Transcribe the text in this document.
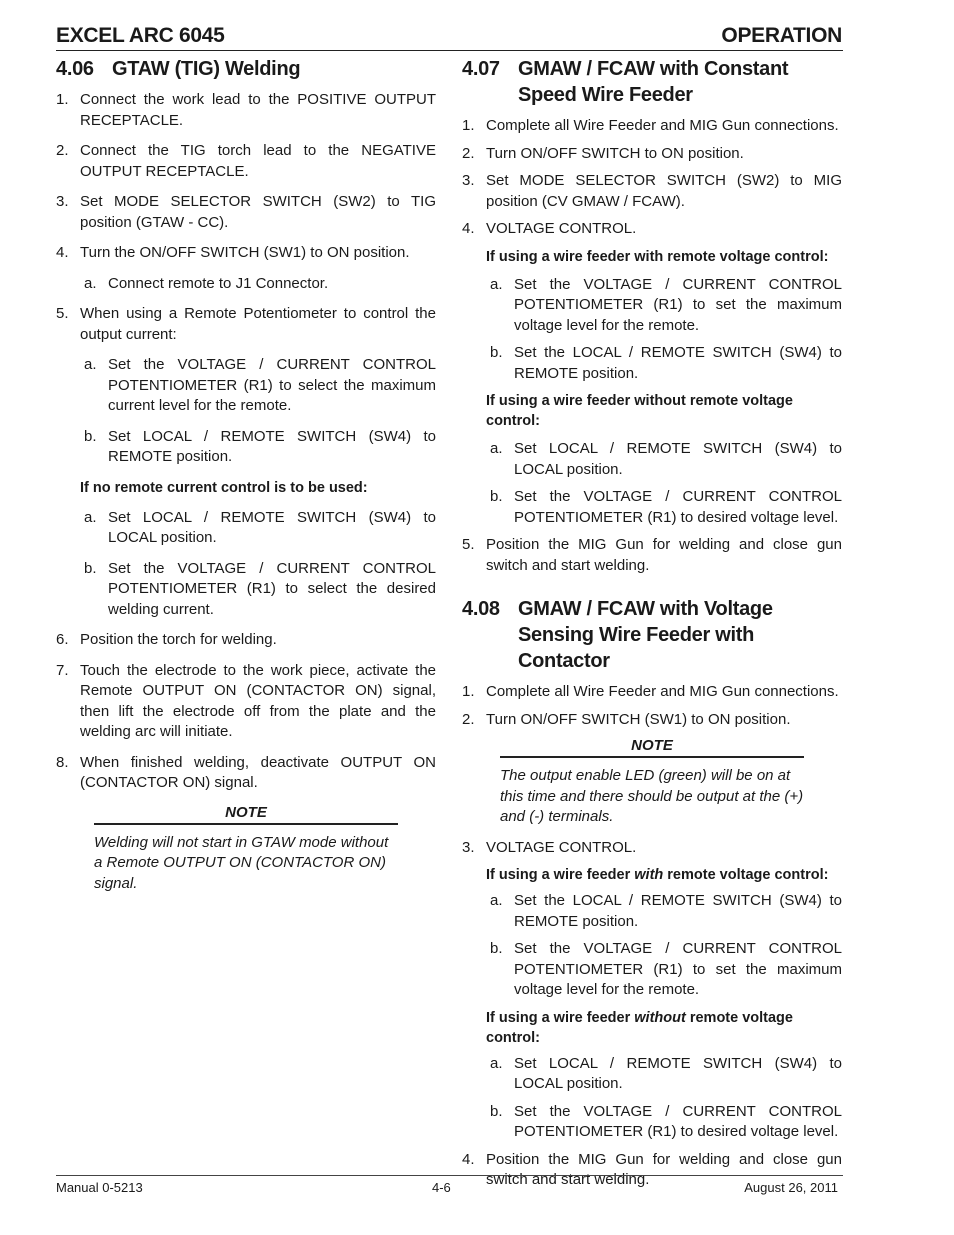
EXCEL ARC 6045	OPERATION
4.06 GTAW (TIG) Welding
1. Connect the work lead to the POSITIVE OUTPUT RECEPTACLE.
2. Connect the TIG torch lead to the NEGATIVE OUTPUT RECEPTACLE.
3. Set MODE SELECTOR SWITCH (SW2) to TIG position (GTAW - CC).
4. Turn the ON/OFF SWITCH (SW1) to ON position.
a. Connect remote to J1 Connector.
5. When using a Remote Potentiometer to control the output current:
a. Set the VOLTAGE / CURRENT CONTROL POTENTIOMETER (R1) to select the maximum current level for the remote.
b. Set LOCAL / REMOTE SWITCH (SW4) to REMOTE position.
If no remote current control is to be used:
a. Set LOCAL / REMOTE SWITCH (SW4) to LOCAL position.
b. Set the VOLTAGE / CURRENT CONTROL POTENTIOMETER (R1) to select the desired welding current.
6. Position the torch for welding.
7. Touch the electrode to the work piece, activate the Remote OUTPUT ON (CONTACTOR ON) signal, then lift the electrode off from the plate and the welding arc will initiate.
8. When finished welding, deactivate OUTPUT ON (CONTACTOR ON) signal.
NOTE
Welding will not start in GTAW mode without a Remote OUTPUT ON (CONTACTOR ON) signal.
4.07 GMAW / FCAW with Constant Speed Wire Feeder
1. Complete all Wire Feeder and MIG Gun connections.
2. Turn ON/OFF SWITCH to ON position.
3. Set MODE SELECTOR SWITCH (SW2) to MIG position (CV GMAW / FCAW).
4. VOLTAGE CONTROL.
If using a wire feeder with remote voltage control:
a. Set the VOLTAGE / CURRENT CONTROL POTENTIOMETER (R1) to set the maximum voltage level for the remote.
b. Set the LOCAL / REMOTE SWITCH (SW4) to REMOTE position.
If using a wire feeder without remote voltage control:
a. Set LOCAL / REMOTE SWITCH (SW4) to LOCAL position.
b. Set the VOLTAGE / CURRENT CONTROL POTENTIOMETER (R1) to desired voltage level.
5. Position the MIG Gun for welding and close gun switch and start welding.
4.08 GMAW / FCAW with Voltage Sensing Wire Feeder with Contactor
1. Complete all Wire Feeder and MIG Gun connections.
2. Turn ON/OFF SWITCH (SW1) to ON position.
NOTE
The output enable LED (green) will be on at this time and there should be output at the (+) and (-) terminals.
3. VOLTAGE CONTROL.
If using a wire feeder with remote voltage control:
a. Set the LOCAL / REMOTE SWITCH (SW4) to REMOTE position.
b. Set the VOLTAGE / CURRENT CONTROL POTENTIOMETER (R1) to set the maximum voltage level for the remote.
If using a wire feeder without remote voltage control:
a. Set LOCAL / REMOTE SWITCH (SW4) to LOCAL position.
b. Set the VOLTAGE / CURRENT CONTROL POTENTIOMETER (R1) to desired voltage level.
4. Position the MIG Gun for welding and close gun switch and start welding.
Manual 0-5213	4-6	August 26, 2011
